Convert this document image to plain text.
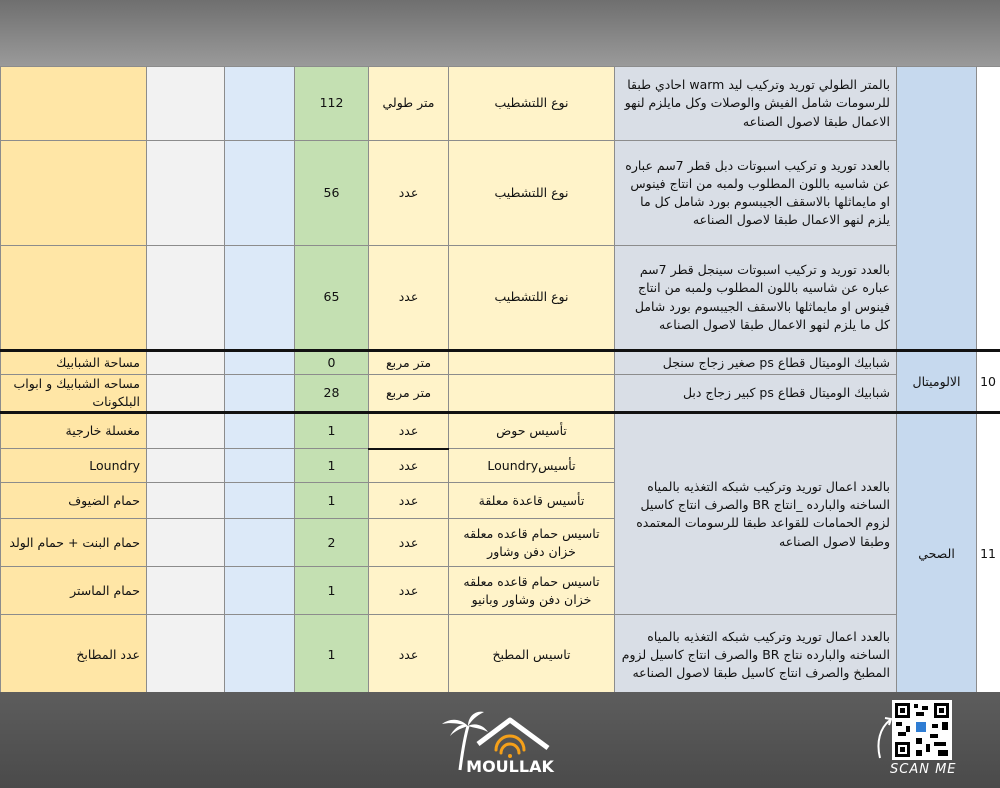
		بالمتر الطولي توريد وتركيب ليد warm احادي طبقا للرسومات شامل الفيش والوصلات وكل مايلزم لنهو الاعمال طبقا لاصول الصناعه	نوع اللتشطيب	متر طولي	112			
		بالعدد توريد و تركيب اسبوتات دبل قطر 7سم عباره عن شاسيه باللون المطلوب ولمبه من انتاج فينوس او مايماثلها بالاسقف الجيبسوم بورد شامل كل ما يلزم لنهو الاعمال طبقا لاصول الصناعه	نوع اللتشطيب	عدد	56			
		بالعدد توريد و تركيب اسبوتات سينجل قطر 7سم عباره عن شاسيه باللون المطلوب ولمبه من انتاج فينوس او مايماثلها بالاسقف الجيبسوم بورد شامل كل ما يلزم لنهو الاعمال طبقا لاصول الصناعه	نوع اللتشطيب	عدد	65			
10	الالوميتال	شبابيك الوميتال قطاع ps صغير زجاج سنجل		متر مربع	0			مساحة الشبابيك
		شبابيك الوميتال قطاع ps كبير زجاج دبل		متر مربع	28			مساحه الشبابيك و ابواب البلكونات
11	الصحي	بالعدد اعمال توريد وتركيب شبكه التغذيه بالمياه الساخنه والبارده _انتاج BR والصرف انتاج كاسيل لزوم الحمامات للقواعد طبقا للرسومات المعتمده وطبقا لاصول الصناعه	تأسيس حوض	عدد	1			مغسلة خارجية
			تأسيسLoundry	عدد	1			Loundry
			تأسيس قاعدة معلقة	عدد	1			حمام الضيوف
			تاسيس حمام قاعده معلقه خزان دفن وشاور	عدد	2			حمام البنت + حمام الولد
			تاسيس حمام قاعده معلقه خزان دفن وشاور وبانيو	عدد	1			حمام الماستر
		بالعدد اعمال توريد وتركيب شبكه التغذيه بالمياه الساخنه والبارده نتاج BR والصرف انتاج كاسيل لزوم المطبخ والصرف انتاج كاسيل طبقا لاصول الصناعه	تاسيس المطبخ	عدد	1			عدد المطابخ
MOULLAK	SCAN ME
